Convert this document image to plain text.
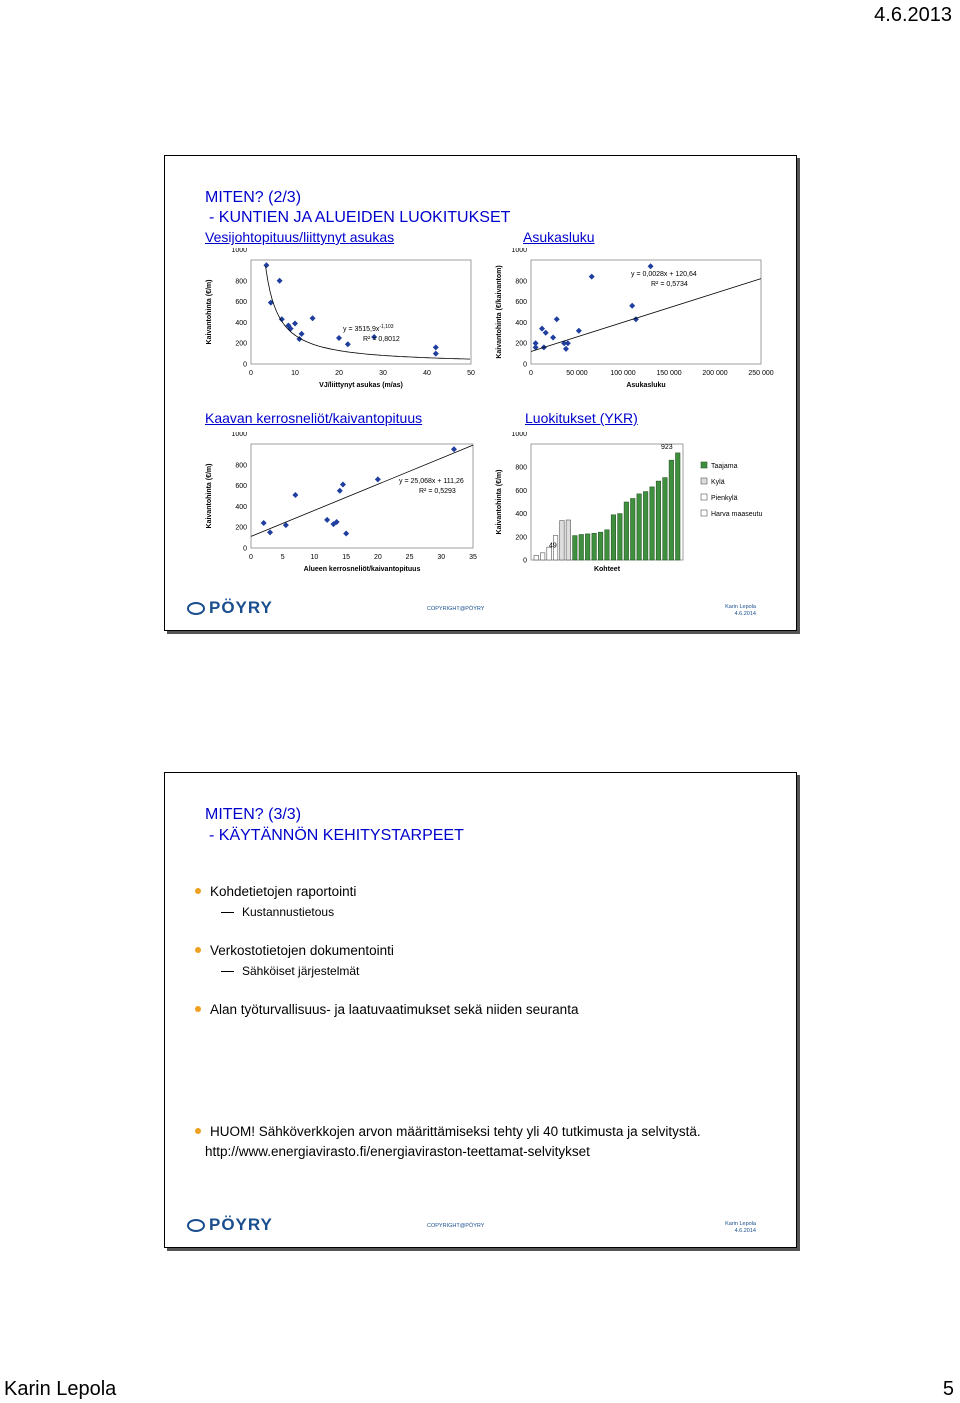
4.6.2013
MITEN? (2/3)
- KUNTIEN JA ALUEIDEN LUOKITUKSET
Vesijohtopituus/liittynyt asukas	Asukasluku
Kaavan kerrosneliöt/kaivantopituus	Luokitukset (YKR)
0	10	20	30	40	50
0
200
400
600
800
1000
VJ/liittynyt asukas (m/as)
Kaivantohinta (€/m)	$y = 3515,9x^{-1,103}$
R² = 0,8012
0	50 000	100 000	150 000	200 000	250 000
0
200
400
600
800
1000
Asukasluku
Kaivantohinta (€/kaivantom)	y = 0,0028x + 120,64
R² = 0,5734
0	5	10	15	20	25	30	35
0
200
400
600
800
1000
Alueen kerrosneliöt/kaivantopituus
Kaivantohinta (€/m)	y = 25,068x + 111,26
R² = 0,5293
0
200
400
600
800
1000
Kohteet
Kaivantohinta (€/m)
49
923
Taajama
Kylä
Pienkylä
Harva maaseutu
PÖYRY	COPYRIGHT@PÖYRY	Karin Lepola
4.6.2014
MITEN? (3/3)
- KÄYTÄNNÖN KEHITYSTARPEET
Kohdetietojen raportointi
Kustannustietous
Verkostotietojen dokumentointi
Sähköiset järjestelmät
Alan työturvallisuus- ja laatuvaatimukset sekä niiden seuranta
HUOM! Sähköverkkojen arvon määrittämiseksi tehty yli 40 tutkimusta ja selvitystä.
http://www.energiavirasto.fi/energiaviraston-teettamat-selvitykset
PÖYRY	COPYRIGHT@PÖYRY	Karin Lepola
4.6.2014
Karin Lepola	5
